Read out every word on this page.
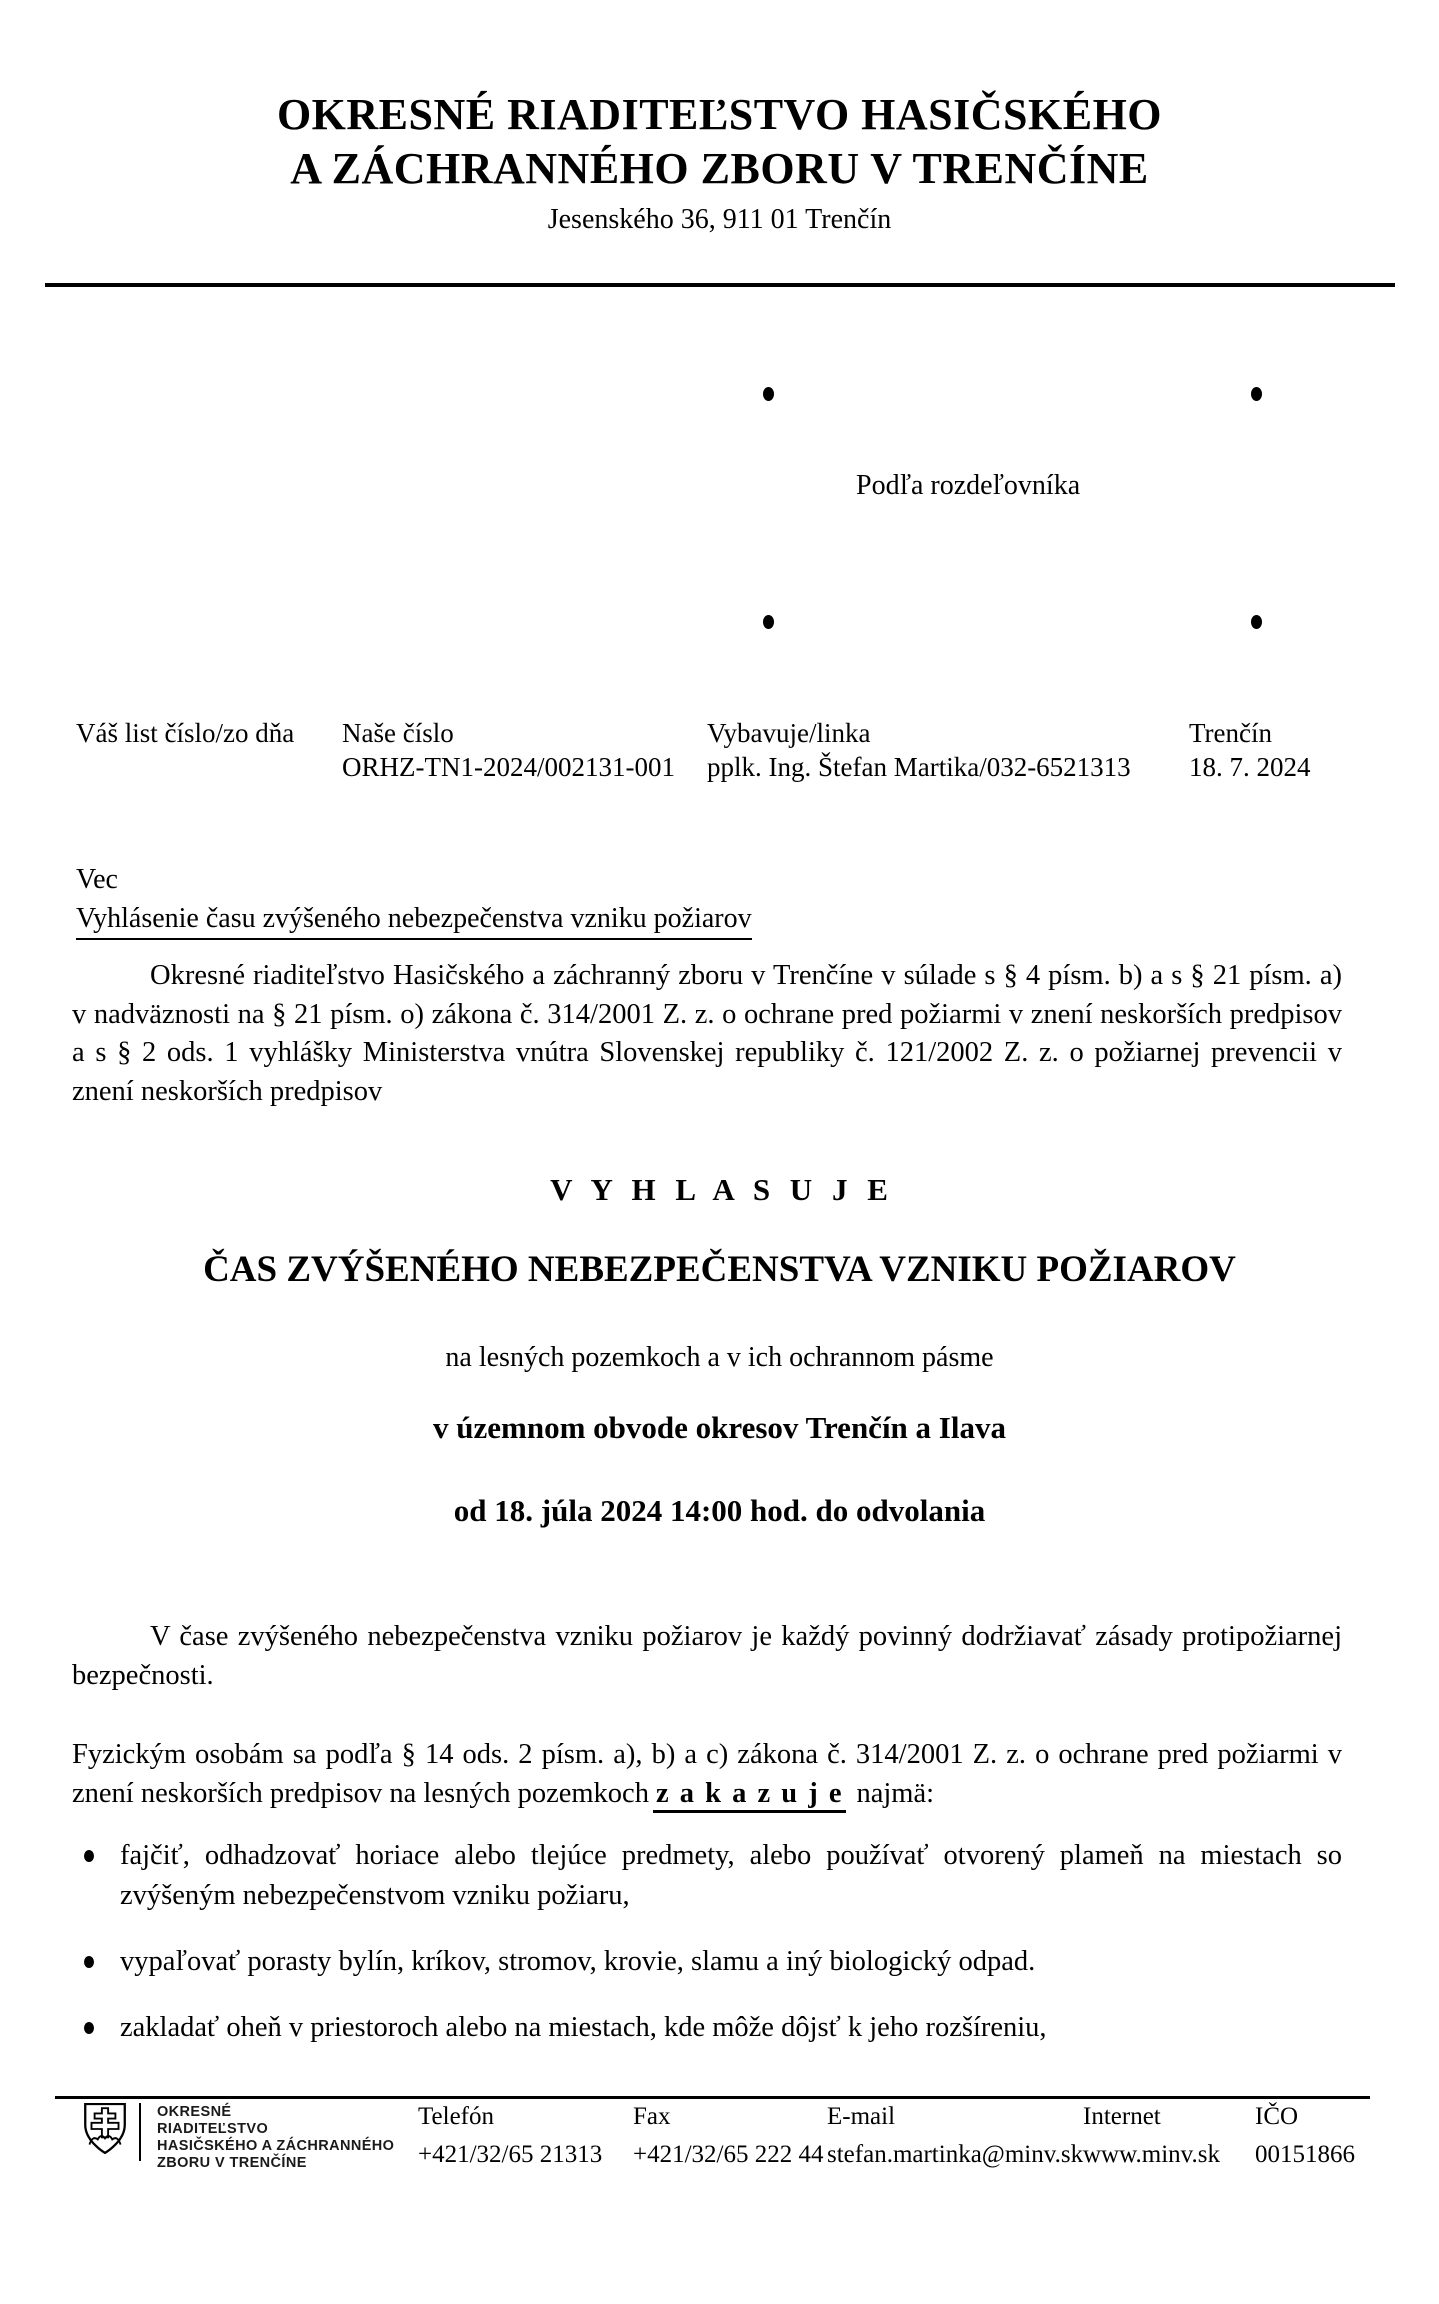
OKRESNÉ RIADITEĽSTVO HASIČSKÉHO
A ZÁCHRANNÉHO ZBORU V TRENČÍNE
Jesenského 36, 911 01 Trenčín
Podľa rozdeľovníka
Váš list číslo/zo dňa Naše číslo	Vybavuje/linka	Trenčín
ORHZ-TN1-2024/002131-001 pplk. Ing. Štefan Martika/032-6521313 18. 7. 2024
Vec
Vyhlásenie času zvýšeného nebezpečenstva vzniku požiarov
Okresné riaditeľstvo Hasičského a záchranný zboru v Trenčíne v súlade s § 4 písm. b) a s § 21 písm. a) v nadväznosti na § 21 písm. o) zákona č. 314/2001 Z. z. o ochrane pred požiarmi v znení neskorších predpisov a s § 2 ods. 1 vyhlášky Ministerstva vnútra Slovenskej republiky č. 121/2002 Z. z. o požiarnej prevencii v znení neskorších predpisov
V Y H L A S U J E
ČAS ZVÝŠENÉHO NEBEZPEČENSTVA VZNIKU POŽIAROV
na lesných pozemkoch a v ich ochrannom pásme
v územnom obvode okresov Trenčín a Ilava
od 18. júla 2024 14:00 hod. do odvolania
V čase zvýšeného nebezpečenstva vzniku požiarov je každý povinný dodržiavať zásady protipožiarnej bezpečnosti.
Fyzickým osobám sa podľa § 14 ods. 2 písm. a), b) a c) zákona č. 314/2001 Z. z. o ochrane pred požiarmi v znení neskorších predpisov na lesných pozemkoch z a k a z u j e najmä:
fajčiť, odhadzovať horiace alebo tlejúce predmety, alebo používať otvorený plameň na miestach so zvýšeným nebezpečenstvom vzniku požiaru,
vypaľovať porasty bylín, kríkov, stromov, krovie, slamu a iný biologický odpad.
zakladať oheň v priestoroch alebo na miestach, kde môže dôjsť k jeho rozšíreniu,
OKRESNÉ
RIADITEĽSTVO
HASIČSKÉHO A ZÁCHRANNÉHO
ZBORU V TRENČÍNE
Telefón
+421/32/65 21313
Fax
+421/32/65 222 44
E-mail
stefan.martinka@minv.sk
Internet
www.minv.sk
IČO
00151866
